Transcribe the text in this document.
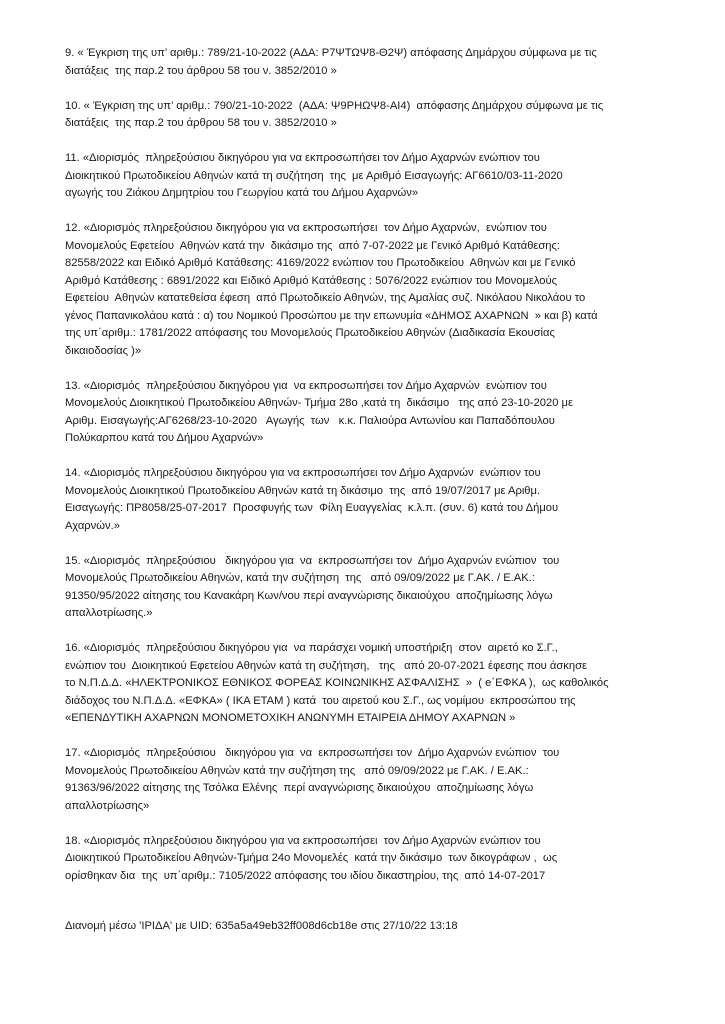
9. « Έγκριση της υπ’ αριθμ.: 789/21-10-2022 (ΑΔΑ: Ρ7ΨΤΩΨ8-Θ2Ψ) απόφασης Δημάρχου σύμφωνα με τις
διατάξεις  της παρ.2 του άρθρου 58 του ν. 3852/2010 »
10. « Έγκριση της υπ’ αριθμ.: 790/21-10-2022  (ΑΔΑ: Ψ9ΡΗΩΨ8-ΑΙ4)  απόφασης Δημάρχου σύμφωνα με τις
διατάξεις  της παρ.2 του άρθρου 58 του ν. 3852/2010 »
11. «Διορισμός  πληρεξούσιου δικηγόρου για να εκπροσωπήσει τον Δήμο Αχαρνών ενώπιον του
Διοικητικού Πρωτοδικείου Αθηνών κατά τη συζήτηση  της  με Αριθμό Εισαγωγής: ΑΓ6610/03-11-2020
αγωγής του Ζιάκου Δημητρίου του Γεωργίου κατά του Δήμου Αχαρνών»
12. «Διορισμός πληρεξούσιου δικηγόρου για να εκπροσωπήσει  τον Δήμο Αχαρνών,  ενώπιον του
Μονομελούς Εφετείου  Αθηνών κατά την  δικάσιμο της  από 7-07-2022 με Γενικό Αριθμό Κατάθεσης:
82558/2022 και Ειδικό Αριθμό Κατάθεσης: 4169/2022 ενώπιον του Πρωτοδικείου  Αθηνών και με Γενικό
Αριθμό Κατάθεσης : 6891/2022 και Ειδικό Αριθμό Κατάθεσης : 5076/2022 ενώπιον του Μονομελούς
Εφετείου  Αθηνών κατατεθείσα έφεση  από Πρωτοδικείο Αθηνών, της Αμαλίας συζ. Νικόλαου Νικολάου το
γένος Παπανικολάου κατά : α) του Νομικού Προσώπου με την επωνυμία «ΔΗΜΟΣ ΑΧΑΡΝΩΝ  » και β) κατά
της υπ΄αριθμ.: 1781/2022 απόφασης του Μονομελούς Πρωτοδικείου Αθηνών (Διαδικασία Εκουσίας
δικαιοδοσίας )»
13. «Διορισμός  πληρεξούσιου δικηγόρου για  να εκπροσωπήσει τον Δήμο Αχαρνών  ενώπιον του
Μονομελούς Διοικητικού Πρωτοδικείου Αθηνών- Τμήμα 28ο ,κατά τη  δικάσιμο   της από 23-10-2020 με
Αριθμ. Εισαγωγής:ΑΓ6268/23-10-2020   Αγωγής  των   κ.κ. Παλιούρα Αντωνίου και Παπαδόπουλου
Πολύκαρπου κατά του Δήμου Αχαρνών»
14. «Διορισμός πληρεξούσιου δικηγόρου για να εκπροσωπήσει τον Δήμο Αχαρνών  ενώπιον του
Μονομελούς Διοικητικού Πρωτοδικείου Αθηνών κατά τη δικάσιμο  της  από 19/07/2017 με Αριθμ.
Εισαγωγής: ΠΡ8058/25-07-2017  Προσφυγής των  Φίλη Ευαγγελίας  κ.λ.π. (συν. 6) κατά του Δήμου
Αχαρνών.»
15. «Διορισμός  πληρεξούσιου   δικηγόρου για  να  εκπροσωπήσει τον  Δήμο Αχαρνών ενώπιον  του
Μονομελούς Πρωτοδικείου Αθηνών, κατά την συζήτηση  της   από 09/09/2022 με Γ.ΑΚ. / Ε.ΑΚ.:
91350/95/2022 αίτησης του Κανακάρη Κων/νου περί αναγνώρισης δικαιούχου  αποζημίωσης λόγω
απαλλοτρίωσης.»
16. «Διορισμός  πληρεξούσιου δικηγόρου για  να παράσχει νομική υποστήριξη  στον  αιρετό κο Σ.Γ.,
ενώπιον του  Διοικητικού Εφετείου Αθηνών κατά τη συζήτηση,   της   από 20-07-2021 έφεσης που άσκησε
το Ν.Π.Δ.Δ. «ΗΛΕΚΤΡΟΝΙΚΟΣ ΕΘΝΙΚΟΣ ΦΟΡΕΑΣ ΚΟΙΝΩΝΙΚΗΣ ΑΣΦΑΛΙΣΗΣ  »  ( e΄ΕΦΚΑ ),  ως καθολικός
διάδοχος του Ν.Π.Δ.Δ. «ΕΦΚΑ» ( ΙΚΑ ΕΤΑΜ ) κατά  του αιρετού κου Σ.Γ., ως νομίμου  εκπροσώπου της
«ΕΠΕΝΔΥΤΙΚΗ ΑΧΑΡΝΩΝ ΜΟΝΟΜΕΤΟΧΙΚΗ ΑΝΩΝΥΜΗ ΕΤΑΙΡΕΙΑ ΔΗΜΟΥ ΑΧΑΡΝΩΝ »
17. «Διορισμός  πληρεξούσιου   δικηγόρου για  να  εκπροσωπήσει τον  Δήμο Αχαρνών ενώπιον  του
Μονομελούς Πρωτοδικείου Αθηνών κατά την συζήτηση της   από 09/09/2022 με Γ.ΑΚ. / Ε.ΑΚ.:
91363/96/2022 αίτησης της Τσόλκα Ελένης  περί αναγνώρισης δικαιούχου  αποζημίωσης λόγω
απαλλοτρίωσης»
18. «Διορισμός πληρεξούσιου δικηγόρου για να εκπροσωπήσει  τον Δήμο Αχαρνών ενώπιον του
Διοικητικού Πρωτοδικείου Αθηνών-Τμήμα 24ο Μονομελές  κατά την δικάσιμο  των δικογράφων ,  ως
ορίσθηκαν δια  της  υπ΄αριθμ.: 7105/2022 απόφασης του ιδίου δικαστηρίου, της  από 14-07-2017
Διανομή μέσω 'ΙΡΙΔΑ' με UID: 635a5a49eb32ff008d6cb18e στις 27/10/22 13:18
